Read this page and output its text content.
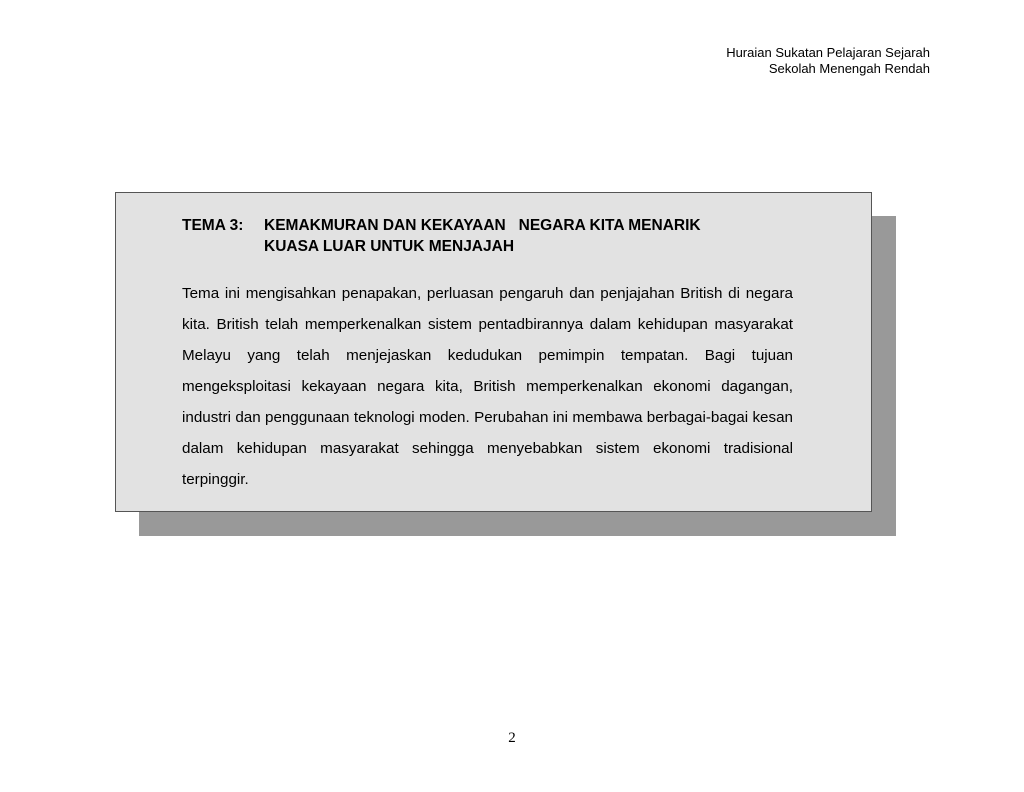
Huraian Sukatan Pelajaran Sejarah
Sekolah Menengah Rendah
TEMA 3:	KEMAKMURAN DAN KEKAYAAN   NEGARA KITA MENARIK
KUASA LUAR UNTUK MENJAJAH

Tema ini mengisahkan penapakan, perluasan pengaruh dan penjajahan British di negara kita. British telah memperkenalkan sistem pentadbirannya dalam kehidupan masyarakat Melayu yang telah menjejaskan kedudukan pemimpin tempatan. Bagi tujuan mengeksploitasi kekayaan negara kita, British memperkenalkan ekonomi dagangan, industri dan penggunaan teknologi moden. Perubahan ini membawa berbagai-bagai kesan dalam kehidupan masyarakat sehingga menyebabkan sistem ekonomi tradisional terpinggir.

2
